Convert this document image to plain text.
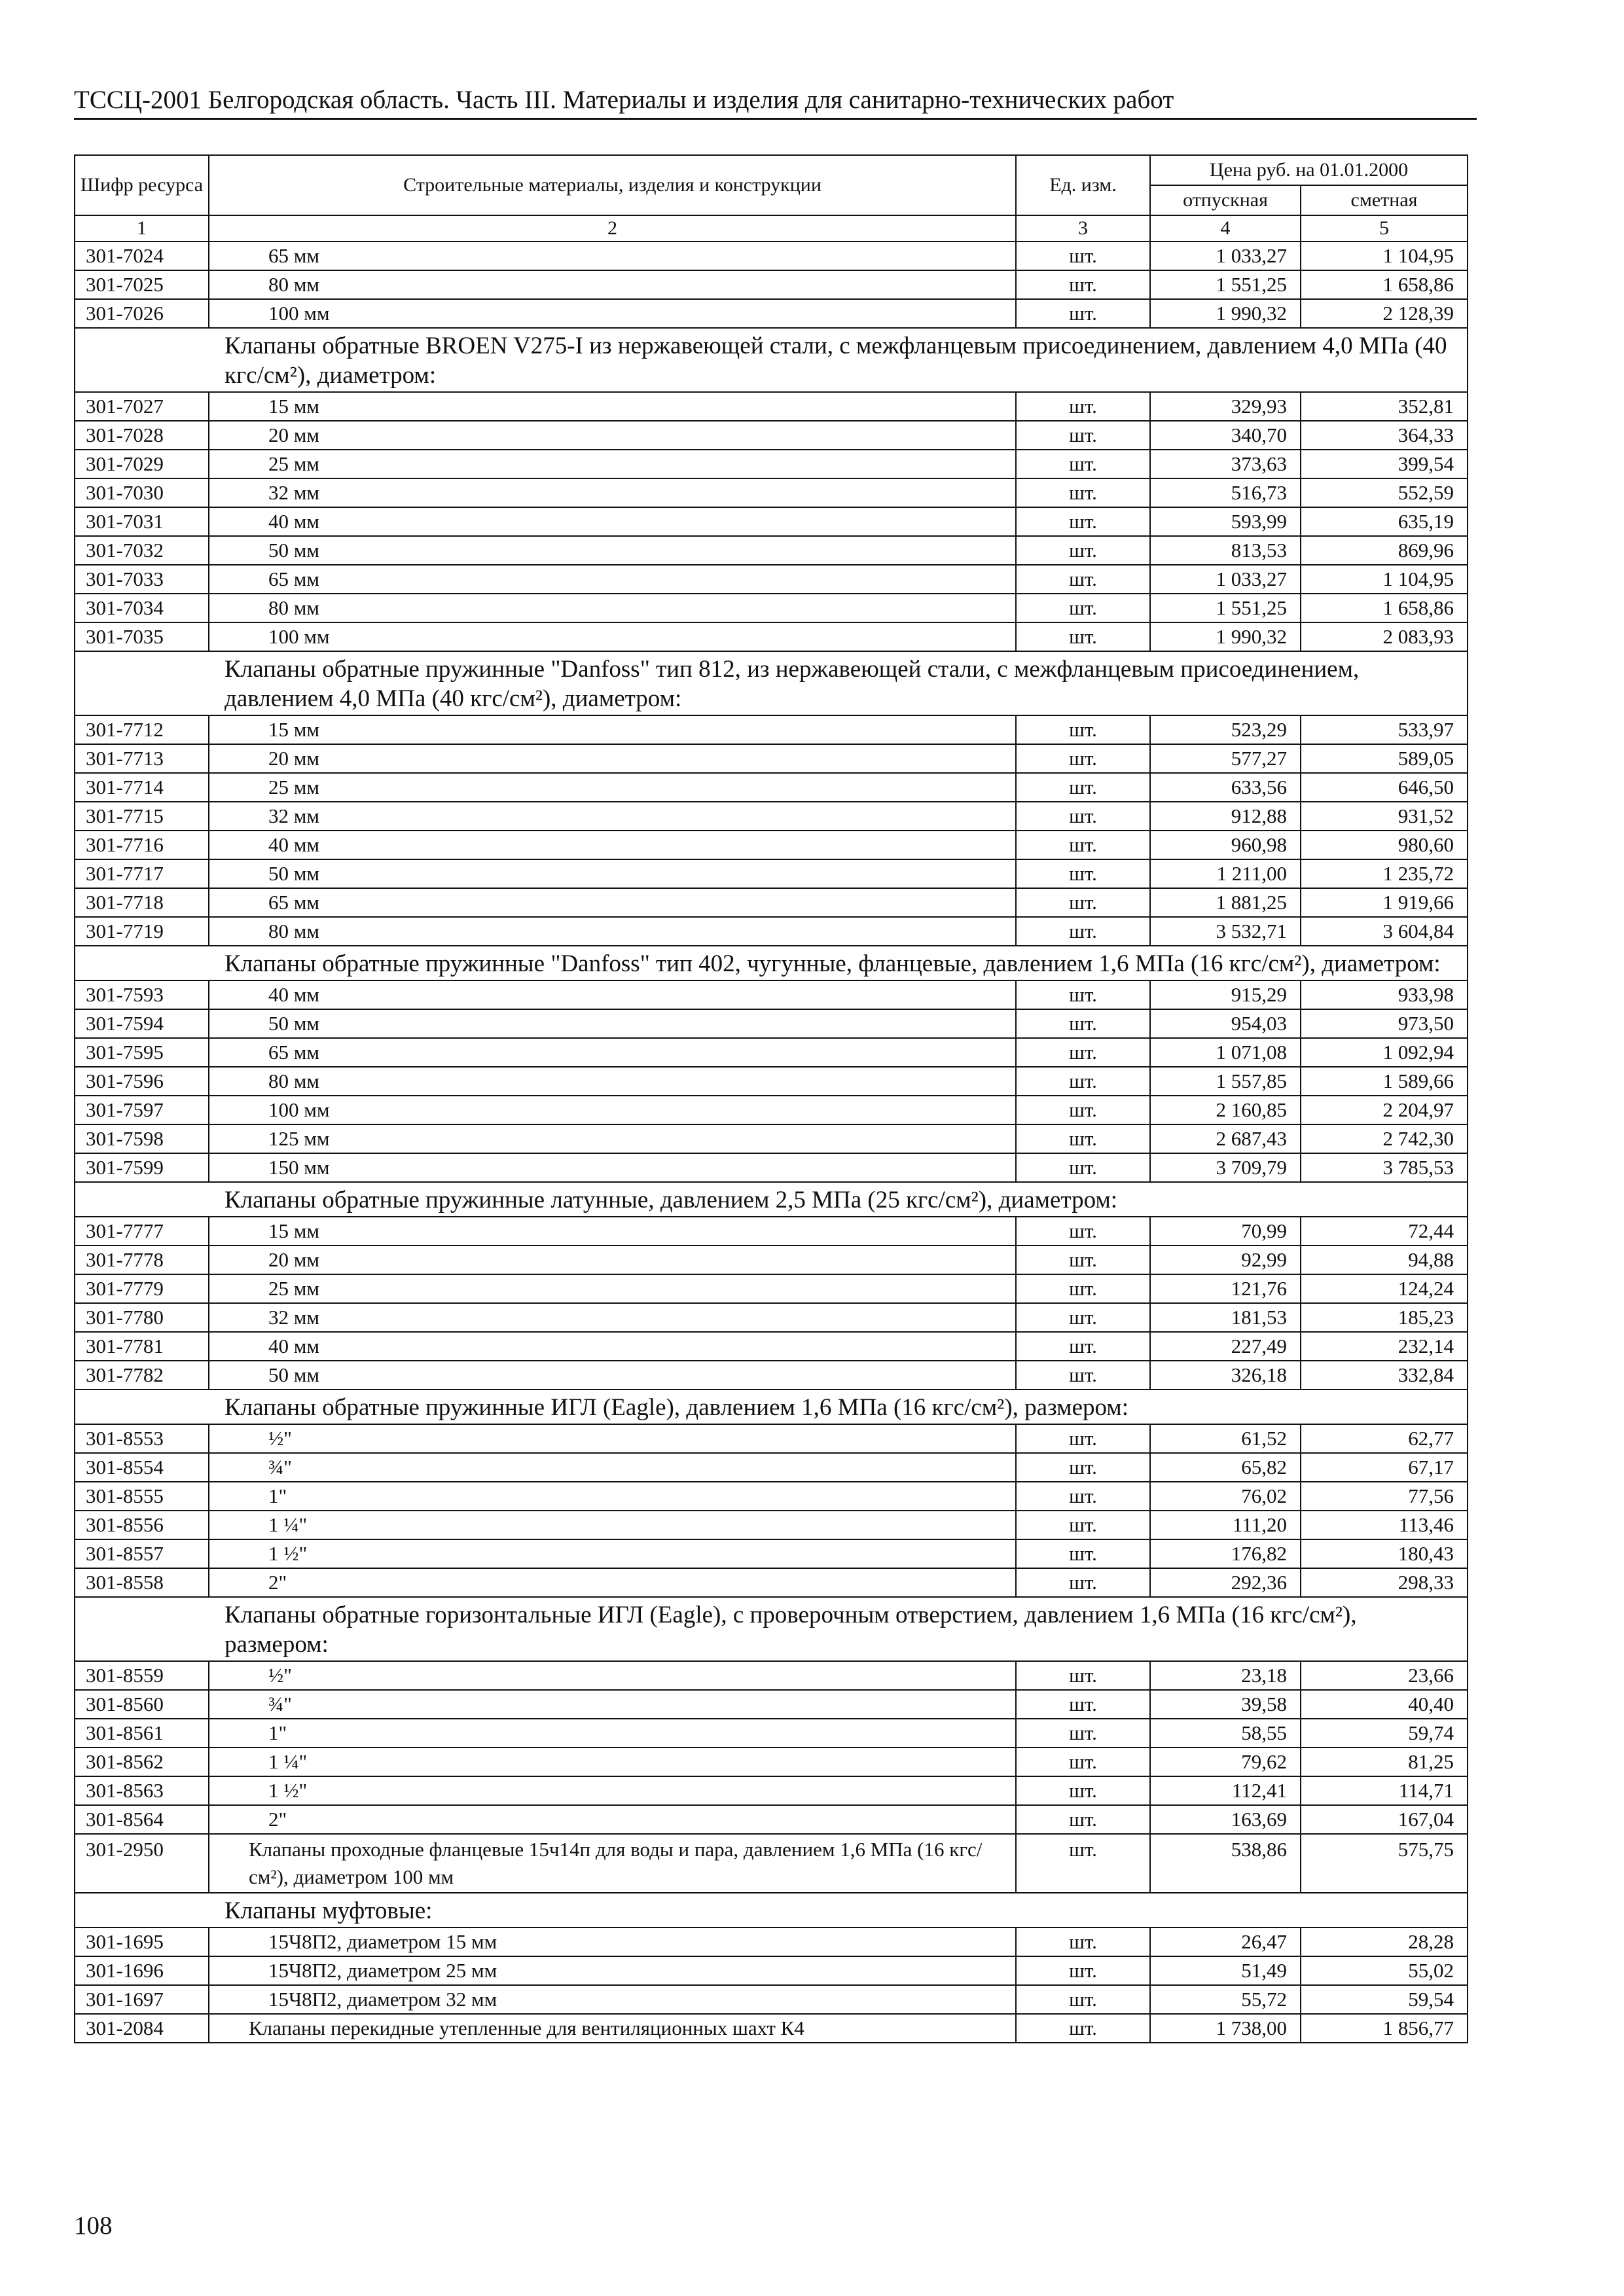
ТССЦ-2001 Белгородская область. Часть III. Материалы и изделия для санитарно-технических работ
Шифр ресурса	Строительные материалы, изделия и конструкции	Ед. изм.	Цена руб. на 01.01.2000	
			отпускная	сметная
1	2	3	4	5
301-7024	65 мм	шт.	1 033,27	1 104,95
301-7025	80 мм	шт.	1 551,25	1 658,86
301-7026	100 мм	шт.	1 990,32	2 128,39
Клапаны обратные BROEN V275-I из нержавеющей стали, с межфланцевым присоединением, давлением 4,0 МПа (40 кгс/см²), диаметром:				
301-7027	15 мм	шт.	329,93	352,81
301-7028	20 мм	шт.	340,70	364,33
301-7029	25 мм	шт.	373,63	399,54
301-7030	32 мм	шт.	516,73	552,59
301-7031	40 мм	шт.	593,99	635,19
301-7032	50 мм	шт.	813,53	869,96
301-7033	65 мм	шт.	1 033,27	1 104,95
301-7034	80 мм	шт.	1 551,25	1 658,86
301-7035	100 мм	шт.	1 990,32	2 083,93
Клапаны обратные пружинные "Danfoss" тип 812, из нержавеющей стали, с межфланцевым присоединением, давлением 4,0 МПа (40 кгс/см²), диаметром:				
301-7712	15 мм	шт.	523,29	533,97
301-7713	20 мм	шт.	577,27	589,05
301-7714	25 мм	шт.	633,56	646,50
301-7715	32 мм	шт.	912,88	931,52
301-7716	40 мм	шт.	960,98	980,60
301-7717	50 мм	шт.	1 211,00	1 235,72
301-7718	65 мм	шт.	1 881,25	1 919,66
301-7719	80 мм	шт.	3 532,71	3 604,84
Клапаны обратные пружинные "Danfoss" тип 402, чугунные, фланцевые, давлением 1,6 МПа (16 кгс/см²), диаметром:				
301-7593	40 мм	шт.	915,29	933,98
301-7594	50 мм	шт.	954,03	973,50
301-7595	65 мм	шт.	1 071,08	1 092,94
301-7596	80 мм	шт.	1 557,85	1 589,66
301-7597	100 мм	шт.	2 160,85	2 204,97
301-7598	125 мм	шт.	2 687,43	2 742,30
301-7599	150 мм	шт.	3 709,79	3 785,53
Клапаны обратные пружинные латунные, давлением 2,5 МПа (25 кгс/см²), диаметром:				
301-7777	15 мм	шт.	70,99	72,44
301-7778	20 мм	шт.	92,99	94,88
301-7779	25 мм	шт.	121,76	124,24
301-7780	32 мм	шт.	181,53	185,23
301-7781	40 мм	шт.	227,49	232,14
301-7782	50 мм	шт.	326,18	332,84
Клапаны обратные пружинные ИГЛ (Eagle), давлением 1,6 МПа (16 кгс/см²), размером:				
301-8553	½"	шт.	61,52	62,77
301-8554	¾"	шт.	65,82	67,17
301-8555	1"	шт.	76,02	77,56
301-8556	1 ¼"	шт.	111,20	113,46
301-8557	1 ½"	шт.	176,82	180,43
301-8558	2"	шт.	292,36	298,33
Клапаны обратные горизонтальные ИГЛ (Eagle), с проверочным отверстием, давлением 1,6 МПа (16 кгс/см²), размером:				
301-8559	½"	шт.	23,18	23,66
301-8560	¾"	шт.	39,58	40,40
301-8561	1"	шт.	58,55	59,74
301-8562	1 ¼"	шт.	79,62	81,25
301-8563	1 ½"	шт.	112,41	114,71
301-8564	2"	шт.	163,69	167,04
301-2950	Клапаны проходные фланцевые 15ч14п для воды и пара, давлением 1,6 МПа (16 кгс/см²), диаметром 100 мм	шт.	538,86	575,75
Клапаны муфтовые:				
301-1695	15Ч8П2, диаметром 15 мм	шт.	26,47	28,28
301-1696	15Ч8П2, диаметром 25 мм	шт.	51,49	55,02
301-1697	15Ч8П2, диаметром 32 мм	шт.	55,72	59,54
301-2084	Клапаны перекидные утепленные для вентиляционных шахт К4	шт.	1 738,00	1 856,77
108
